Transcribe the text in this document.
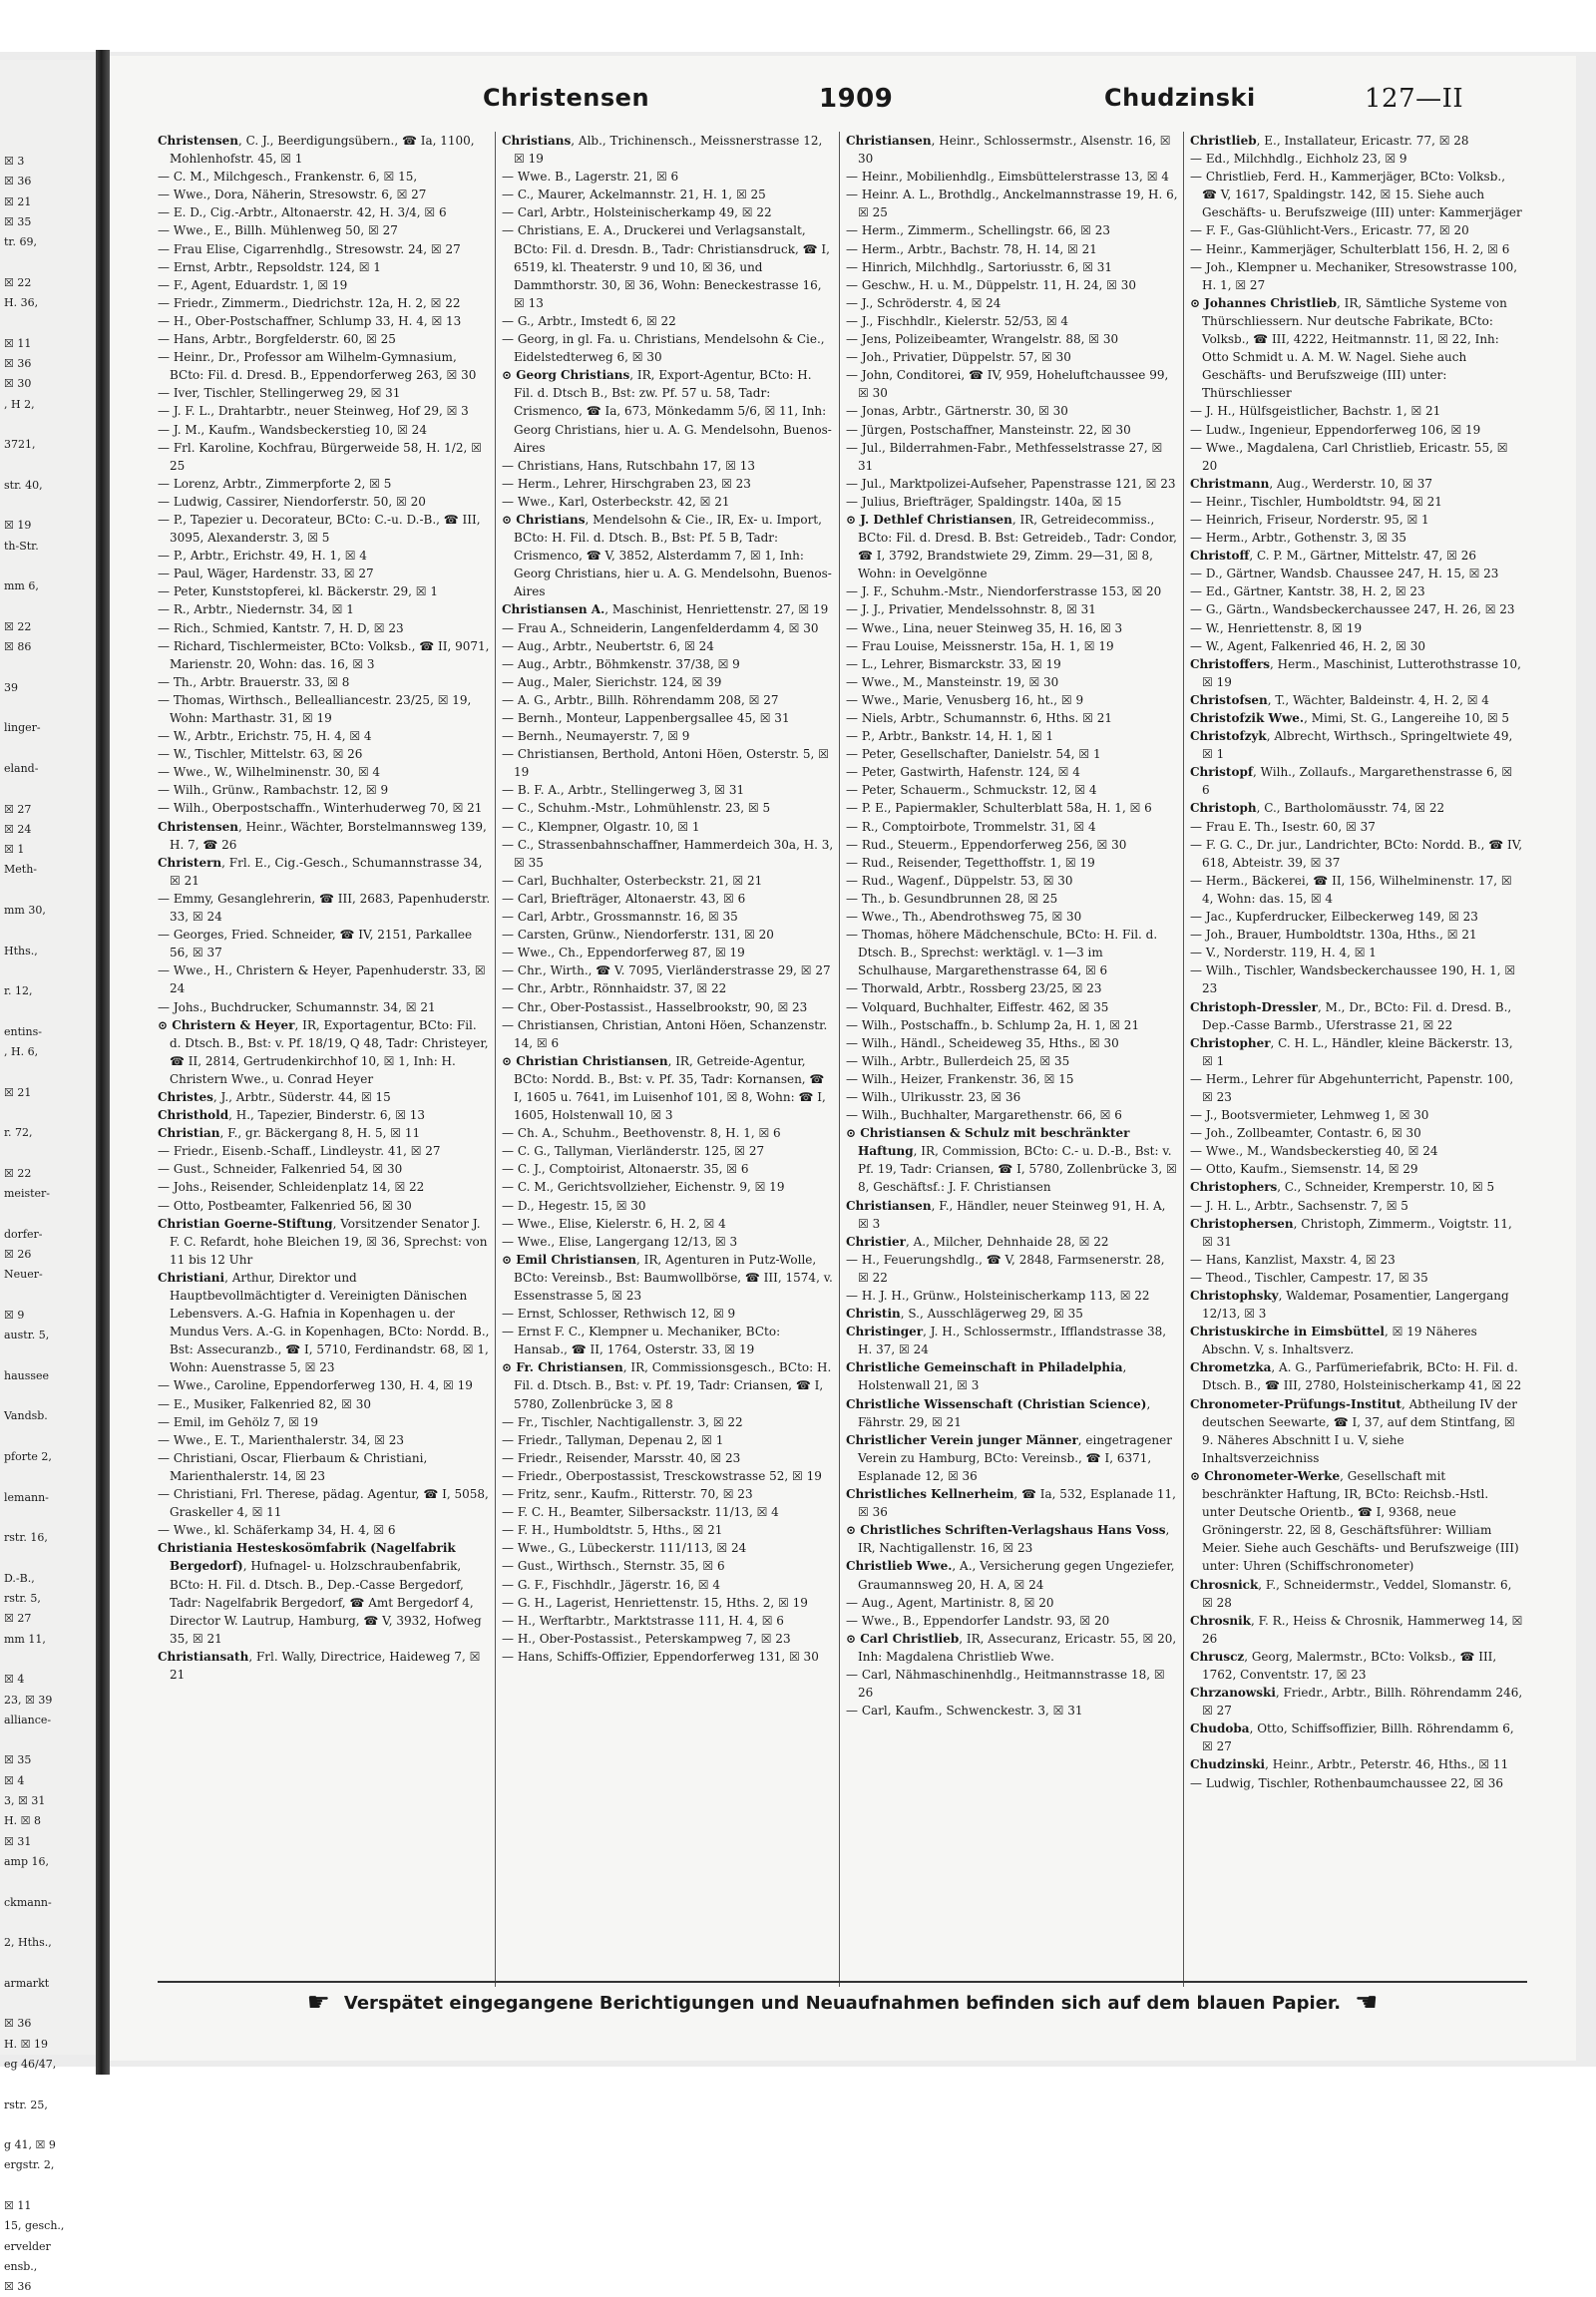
☒ 3
☒ 36
☒ 21
☒ 35
tr. 69,

☒ 22
H. 36,

☒ 11
☒ 36
☒ 30
, H 2,

3721,

str. 40,

☒ 19
th-Str.

mm 6,

☒ 22
☒ 86

39

linger-

eland-

☒ 27
☒ 24
☒ 1
Meth-

mm 30,

Hths.,

r. 12,

entins-
, H. 6,

☒ 21

r. 72,

☒ 22
meister-

dorfer-
☒ 26
Neuer-

☒ 9
austr. 5,

haussee

Vandsb.

pforte 2,

lemann-

rstr. 16,

D.-B.,
rstr. 5,
☒ 27
mm 11,

☒ 4
23, ☒ 39
alliance-

☒ 35
☒ 4
3, ☒ 31
H. ☒ 8
☒ 31
amp 16,

ckmann-

2, Hths.,

armarkt

☒ 36
H. ☒ 19
eg 46/47,

rstr. 25,

g 41, ☒ 9
ergstr. 2,

☒ 11
15, gesch.,
ervelder
ensb.,
☒ 36
Christensen	1909	Chudzinski	127—II
Christensen, C. J., Beerdigungsübern., ☎ Ia, 1100, Mohlenhofstr. 45, ☒ 1
— C. M., Milchgesch., Frankenstr. 6, ☒ 15,
— Wwe., Dora, Näherin, Stresowstr. 6, ☒ 27
— E. D., Cig.-Arbtr., Altonaerstr. 42, H. 3/4, ☒ 6
— Wwe., E., Billh. Mühlenweg 50, ☒ 27
— Frau Elise, Cigarrenhdlg., Stresowstr. 24, ☒ 27
— Ernst, Arbtr., Repsoldstr. 124, ☒ 1
— F., Agent, Eduardstr. 1, ☒ 19
— Friedr., Zimmerm., Diedrichstr. 12a, H. 2, ☒ 22
— H., Ober-Postschaffner, Schlump 33, H. 4, ☒ 13
— Hans, Arbtr., Borgfelderstr. 60, ☒ 25
— Heinr., Dr., Professor am Wilhelm-Gymnasium, BCto: Fil. d. Dresd. B., Eppendorferweg 263, ☒ 30
— Iver, Tischler, Stellingerweg 29, ☒ 31
— J. F. L., Drahtarbtr., neuer Steinweg, Hof 29, ☒ 3
— J. M., Kaufm., Wandsbeckerstieg 10, ☒ 24
— Frl. Karoline, Kochfrau, Bürgerweide 58, H. 1/2, ☒ 25
— Lorenz, Arbtr., Zimmerpforte 2, ☒ 5
— Ludwig, Cassirer, Niendorferstr. 50, ☒ 20
— P., Tapezier u. Decorateur, BCto: C.-u. D.-B., ☎ III, 3095, Alexanderstr. 3, ☒ 5
— P., Arbtr., Erichstr. 49, H. 1, ☒ 4
— Paul, Wäger, Hardenstr. 33, ☒ 27
— Peter, Kunststopferei, kl. Bäckerstr. 29, ☒ 1
— R., Arbtr., Niedernstr. 34, ☒ 1
— Rich., Schmied, Kantstr. 7, H. D, ☒ 23
— Richard, Tischlermeister, BCto: Volksb., ☎ II, 9071, Marienstr. 20, Wohn: das. 16, ☒ 3
— Th., Arbtr. Brauerstr. 33, ☒ 8
— Thomas, Wirthsch., Bellealliancestr. 23/25, ☒ 19, Wohn: Marthastr. 31, ☒ 19
— W., Arbtr., Erichstr. 75, H. 4, ☒ 4
— W., Tischler, Mittelstr. 63, ☒ 26
— Wwe., W., Wilhelminenstr. 30, ☒ 4
— Wilh., Grünw., Rambachstr. 12, ☒ 9
— Wilh., Oberpostschaffn., Winterhuderweg 70, ☒ 21
Christensen, Heinr., Wächter, Borstelmannsweg 139, H. 7, ☎ 26
Christern, Frl. E., Cig.-Gesch., Schumannstrasse 34, ☒ 21
— Emmy, Gesanglehrerin, ☎ III, 2683, Papenhuderstr. 33, ☒ 24
— Georges, Fried. Schneider, ☎ IV, 2151, Parkallee 56, ☒ 37
— Wwe., H., Christern & Heyer, Papenhuderstr. 33, ☒ 24
— Johs., Buchdrucker, Schumannstr. 34, ☒ 21
⊙ Christern & Heyer, IR, Exportagentur, BCto: Fil. d. Dtsch. B., Bst: v. Pf. 18/19, Q 48, Tadr: Christeyer, ☎ II, 2814, Gertrudenkirchhof 10, ☒ 1, Inh: H. Christern Wwe., u. Conrad Heyer
Christes, J., Arbtr., Süderstr. 44, ☒ 15
Christhold, H., Tapezier, Binderstr. 6, ☒ 13
Christian, F., gr. Bäckergang 8, H. 5, ☒ 11
— Friedr., Eisenb.-Schaff., Lindleystr. 41, ☒ 27
— Gust., Schneider, Falkenried 54, ☒ 30
— Johs., Reisender, Schleidenplatz 14, ☒ 22
— Otto, Postbeamter, Falkenried 56, ☒ 30
Christian Goerne-Stiftung, Vorsitzender Senator J. F. C. Refardt, hohe Bleichen 19, ☒ 36, Sprechst: von 11 bis 12 Uhr
Christiani, Arthur, Direktor und Hauptbevollmächtigter d. Vereinigten Dänischen Lebensvers. A.-G. Hafnia in Kopenhagen u. der Mundus Vers. A.-G. in Kopenhagen, BCto: Nordd. B., Bst: Assecuranzb., ☎ I, 5710, Ferdinandstr. 68, ☒ 1, Wohn: Auenstrasse 5, ☒ 23
— Wwe., Caroline, Eppendorferweg 130, H. 4, ☒ 19
— E., Musiker, Falkenried 82, ☒ 30
— Emil, im Gehölz 7, ☒ 19
— Wwe., E. T., Marienthalerstr. 34, ☒ 23
— Christiani, Oscar, Flierbaum & Christiani, Marienthalerstr. 14, ☒ 23
— Christiani, Frl. Therese, pädag. Agentur, ☎ I, 5058, Graskeller 4, ☒ 11
— Wwe., kl. Schäferkamp 34, H. 4, ☒ 6
Christiania Hesteskosömfabrik (Nagelfabrik Bergedorf), Hufnagel- u. Holzschraubenfabrik, BCto: H. Fil. d. Dtsch. B., Dep.-Casse Bergedorf, Tadr: Nagelfabrik Bergedorf, ☎ Amt Bergedorf 4, Director W. Lautrup, Hamburg, ☎ V, 3932, Hofweg 35, ☒ 21
Christiansath, Frl. Wally, Directrice, Haideweg 7, ☒ 21
Christians, Alb., Trichinensch., Meissnerstrasse 12, ☒ 19
— Wwe. B., Lagerstr. 21, ☒ 6
— C., Maurer, Ackelmannstr. 21, H. 1, ☒ 25
— Carl, Arbtr., Holsteinischerkamp 49, ☒ 22
— Christians, E. A., Druckerei und Verlagsanstalt, BCto: Fil. d. Dresdn. B., Tadr: Christiansdruck, ☎ I, 6519, kl. Theaterstr. 9 und 10, ☒ 36, und Dammthorstr. 30, ☒ 36, Wohn: Beneckestrasse 16, ☒ 13
— G., Arbtr., Imstedt 6, ☒ 22
— Georg, in gl. Fa. u. Christians, Mendelsohn & Cie., Eidelstedterweg 6, ☒ 30
⊙ Georg Christians, IR, Export-Agentur, BCto: H. Fil. d. Dtsch B., Bst: zw. Pf. 57 u. 58, Tadr: Crismenco, ☎ Ia, 673, Mönkedamm 5/6, ☒ 11, Inh: Georg Christians, hier u. A. G. Mendelsohn, Buenos-Aires
— Christians, Hans, Rutschbahn 17, ☒ 13
— Herm., Lehrer, Hirschgraben 23, ☒ 23
— Wwe., Karl, Osterbeckstr. 42, ☒ 21
⊙ Christians, Mendelsohn & Cie., IR, Ex- u. Import, BCto: H. Fil. d. Dtsch. B., Bst: Pf. 5 B, Tadr: Crismenco, ☎ V, 3852, Alsterdamm 7, ☒ 1, Inh: Georg Christians, hier u. A. G. Mendelsohn, Buenos-Aires
Christiansen A., Maschinist, Henriettenstr. 27, ☒ 19
— Frau A., Schneiderin, Langenfelderdamm 4, ☒ 30
— Aug., Arbtr., Neubertstr. 6, ☒ 24
— Aug., Arbtr., Böhmkenstr. 37/38, ☒ 9
— Aug., Maler, Sierichstr. 124, ☒ 39
— A. G., Arbtr., Billh. Röhrendamm 208, ☒ 27
— Bernh., Monteur, Lappenbergsallee 45, ☒ 31
— Bernh., Neumayerstr. 7, ☒ 9
— Christiansen, Berthold, Antoni Höen, Osterstr. 5, ☒ 19
— B. F. A., Arbtr., Stellingerweg 3, ☒ 31
— C., Schuhm.-Mstr., Lohmühlenstr. 23, ☒ 5
— C., Klempner, Olgastr. 10, ☒ 1
— C., Strassenbahnschaffner, Hammerdeich 30a, H. 3, ☒ 35
— Carl, Buchhalter, Osterbeckstr. 21, ☒ 21
— Carl, Briefträger, Altonaerstr. 43, ☒ 6
— Carl, Arbtr., Grossmannstr. 16, ☒ 35
— Carsten, Grünw., Niendorferstr. 131, ☒ 20
— Wwe., Ch., Eppendorferweg 87, ☒ 19
— Chr., Wirth., ☎ V. 7095, Vierländerstrasse 29, ☒ 27
— Chr., Arbtr., Rönnhaidstr. 37, ☒ 22
— Chr., Ober-Postassist., Hasselbrookstr, 90, ☒ 23
— Christiansen, Christian, Antoni Höen, Schanzenstr. 14, ☒ 6
⊙ Christian Christiansen, IR, Getreide-Agentur, BCto: Nordd. B., Bst: v. Pf. 35, Tadr: Kornansen, ☎ I, 1605 u. 7641, im Luisenhof 101, ☒ 8, Wohn: ☎ I, 1605, Holstenwall 10, ☒ 3
— Ch. A., Schuhm., Beethovenstr. 8, H. 1, ☒ 6
— C. G., Tallyman, Vierländerstr. 125, ☒ 27
— C. J., Comptoirist, Altonaerstr. 35, ☒ 6
— C. M., Gerichtsvollzieher, Eichenstr. 9, ☒ 19
— D., Hegestr. 15, ☒ 30
— Wwe., Elise, Kielerstr. 6, H. 2, ☒ 4
— Wwe., Elise, Langergang 12/13, ☒ 3
⊙ Emil Christiansen, IR, Agenturen in Putz-Wolle, BCto: Vereinsb., Bst: Baumwollbörse, ☎ III, 1574, v. Essenstrasse 5, ☒ 23
— Ernst, Schlosser, Rethwisch 12, ☒ 9
— Ernst F. C., Klempner u. Mechaniker, BCto: Hansab., ☎ II, 1764, Osterstr. 33, ☒ 19
⊙ Fr. Christiansen, IR, Commissionsgesch., BCto: H. Fil. d. Dtsch. B., Bst: v. Pf. 19, Tadr: Criansen, ☎ I, 5780, Zollenbrücke 3, ☒ 8
— Fr., Tischler, Nachtigallenstr. 3, ☒ 22
— Friedr., Tallyman, Depenau 2, ☒ 1
— Friedr., Reisender, Marsstr. 40, ☒ 23
— Friedr., Oberpostassist, Tresckowstrasse 52, ☒ 19
— Fritz, senr., Kaufm., Ritterstr. 70, ☒ 23
— F. C. H., Beamter, Silbersackstr. 11/13, ☒ 4
— F. H., Humboldtstr. 5, Hths., ☒ 21
— Wwe., G., Lübeckerstr. 111/113, ☒ 24
— Gust., Wirthsch., Sternstr. 35, ☒ 6
— G. F., Fischhdlr., Jägerstr. 16, ☒ 4
— G. H., Lagerist, Henriettenstr. 15, Hths. 2, ☒ 19
— H., Werftarbtr., Marktstrasse 111, H. 4, ☒ 6
— H., Ober-Postassist., Peterskampweg 7, ☒ 23
— Hans, Schiffs-Offizier, Eppendorferweg 131, ☒ 30
Christiansen, Heinr., Schlossermstr., Alsenstr. 16, ☒ 30
— Heinr., Mobilienhdlg., Eimsbüttelerstrasse 13, ☒ 4
— Heinr. A. L., Brothdlg., Anckelmannstrasse 19, H. 6, ☒ 25
— Herm., Zimmerm., Schellingstr. 66, ☒ 23
— Herm., Arbtr., Bachstr. 78, H. 14, ☒ 21
— Hinrich, Milchhdlg., Sartoriusstr. 6, ☒ 31
— Geschw., H. u. M., Düppelstr. 11, H. 24, ☒ 30
— J., Schröderstr. 4, ☒ 24
— J., Fischhdlr., Kielerstr. 52/53, ☒ 4
— Jens, Polizeibeamter, Wrangelstr. 88, ☒ 30
— Joh., Privatier, Düppelstr. 57, ☒ 30
— John, Conditorei, ☎ IV, 959, Hoheluftchaussee 99, ☒ 30
— Jonas, Arbtr., Gärtnerstr. 30, ☒ 30
— Jürgen, Postschaffner, Mansteinstr. 22, ☒ 30
— Jul., Bilderrahmen-Fabr., Methfesselstrasse 27, ☒ 31
— Jul., Marktpolizei-Aufseher, Papenstrasse 121, ☒ 23
— Julius, Briefträger, Spaldingstr. 140a, ☒ 15
⊙ J. Dethlef Christiansen, IR, Getreidecommiss., BCto: Fil. d. Dresd. B. Bst: Getreideb., Tadr: Condor, ☎ I, 3792, Brandstwiete 29, Zimm. 29—31, ☒ 8, Wohn: in Oevelgönne
— J. F., Schuhm.-Mstr., Niendorferstrasse 153, ☒ 20
— J. J., Privatier, Mendelssohnstr. 8, ☒ 31
— Wwe., Lina, neuer Steinweg 35, H. 16, ☒ 3
— Frau Louise, Meissnerstr. 15a, H. 1, ☒ 19
— L., Lehrer, Bismarckstr. 33, ☒ 19
— Wwe., M., Mansteinstr. 19, ☒ 30
— Wwe., Marie, Venusberg 16, ht., ☒ 9
— Niels, Arbtr., Schumannstr. 6, Hths. ☒ 21
— P., Arbtr., Bankstr. 14, H. 1, ☒ 1
— Peter, Gesellschafter, Danielstr. 54, ☒ 1
— Peter, Gastwirth, Hafenstr. 124, ☒ 4
— Peter, Schauerm., Schmuckstr. 12, ☒ 4
— P. E., Papiermakler, Schulterblatt 58a, H. 1, ☒ 6
— R., Comptoirbote, Trommelstr. 31, ☒ 4
— Rud., Steuerm., Eppendorferweg 256, ☒ 30
— Rud., Reisender, Tegetthoffstr. 1, ☒ 19
— Rud., Wagenf., Düppelstr. 53, ☒ 30
— Th., b. Gesundbrunnen 28, ☒ 25
— Wwe., Th., Abendrothsweg 75, ☒ 30
— Thomas, höhere Mädchenschule, BCto: H. Fil. d. Dtsch. B., Sprechst: werktägl. v. 1—3 im Schulhause, Margarethenstrasse 64, ☒ 6
— Thorwald, Arbtr., Rossberg 23/25, ☒ 23
— Volquard, Buchhalter, Eiffestr. 462, ☒ 35
— Wilh., Postschaffn., b. Schlump 2a, H. 1, ☒ 21
— Wilh., Händl., Scheideweg 35, Hths., ☒ 30
— Wilh., Arbtr., Bullerdeich 25, ☒ 35
— Wilh., Heizer, Frankenstr. 36, ☒ 15
— Wilh., Ulrikusstr. 23, ☒ 36
— Wilh., Buchhalter, Margarethenstr. 66, ☒ 6
⊙ Christiansen & Schulz mit beschränkter Haftung, IR, Commission, BCto: C.- u. D.-B., Bst: v. Pf. 19, Tadr: Criansen, ☎ I, 5780, Zollenbrücke 3, ☒ 8, Geschäftsf.: J. F. Christiansen
Christiansen, F., Händler, neuer Steinweg 91, H. A, ☒ 3
Christier, A., Milcher, Dehnhaide 28, ☒ 22
— H., Feuerungshdlg., ☎ V, 2848, Farmsenerstr. 28, ☒ 22
— H. J. H., Grünw., Holsteinischerkamp 113, ☒ 22
Christin, S., Ausschlägerweg 29, ☒ 35
Christinger, J. H., Schlossermstr., Ifflandstrasse 38, H. 37, ☒ 24
Christliche Gemeinschaft in Philadelphia, Holstenwall 21, ☒ 3
Christliche Wissenschaft (Christian Science), Fährstr. 29, ☒ 21
Christlicher Verein junger Männer, eingetragener Verein zu Hamburg, BCto: Vereinsb., ☎ I, 6371, Esplanade 12, ☒ 36
Christliches Kellnerheim, ☎ Ia, 532, Esplanade 11, ☒ 36
⊙ Christliches Schriften-Verlagshaus Hans Voss, IR, Nachtigallenstr. 16, ☒ 23
Christlieb Wwe., A., Versicherung gegen Ungeziefer, Graumannsweg 20, H. A, ☒ 24
— Aug., Agent, Martinistr. 8, ☒ 20
— Wwe., B., Eppendorfer Landstr. 93, ☒ 20
⊙ Carl Christlieb, IR, Assecuranz, Ericastr. 55, ☒ 20, Inh: Magdalena Christlieb Wwe.
— Carl, Nähmaschinenhdlg., Heitmannstrasse 18, ☒ 26
— Carl, Kaufm., Schwenckestr. 3, ☒ 31
Christlieb, E., Installateur, Ericastr. 77, ☒ 28
— Ed., Milchhdlg., Eichholz 23, ☒ 9
— Christlieb, Ferd. H., Kammerjäger, BCto: Volksb., ☎ V, 1617, Spaldingstr. 142, ☒ 15. Siehe auch Geschäfts- u. Berufszweige (III) unter: Kammerjäger
— F. F., Gas-Glühlicht-Vers., Ericastr. 77, ☒ 20
— Heinr., Kammerjäger, Schulterblatt 156, H. 2, ☒ 6
— Joh., Klempner u. Mechaniker, Stresowstrasse 100, H. 1, ☒ 27
⊙ Johannes Christlieb, IR, Sämtliche Systeme von Thürschliessern. Nur deutsche Fabrikate, BCto: Volksb., ☎ III, 4222, Heitmannstr. 11, ☒ 22, Inh: Otto Schmidt u. A. M. W. Nagel. Siehe auch Geschäfts- und Berufszweige (III) unter: Thürschliesser
— J. H., Hülfsgeistlicher, Bachstr. 1, ☒ 21
— Ludw., Ingenieur, Eppendorferweg 106, ☒ 19
— Wwe., Magdalena, Carl Christlieb, Ericastr. 55, ☒ 20
Christmann, Aug., Werderstr. 10, ☒ 37
— Heinr., Tischler, Humboldtstr. 94, ☒ 21
— Heinrich, Friseur, Norderstr. 95, ☒ 1
— Herm., Arbtr., Gothenstr. 3, ☒ 35
Christoff, C. P. M., Gärtner, Mittelstr. 47, ☒ 26
— D., Gärtner, Wandsb. Chaussee 247, H. 15, ☒ 23
— Ed., Gärtner, Kantstr. 38, H. 2, ☒ 23
— G., Gärtn., Wandsbeckerchaussee 247, H. 26, ☒ 23
— W., Henriettenstr. 8, ☒ 19
— W., Agent, Falkenried 46, H. 2, ☒ 30
Christoffers, Herm., Maschinist, Lutterothstrasse 10, ☒ 19
Christofsen, T., Wächter, Baldeinstr. 4, H. 2, ☒ 4
Christofzik Wwe., Mimi, St. G., Langereihe 10, ☒ 5
Christofzyk, Albrecht, Wirthsch., Springeltwiete 49, ☒ 1
Christopf, Wilh., Zollaufs., Margarethenstrasse 6, ☒ 6
Christoph, C., Bartholomäusstr. 74, ☒ 22
— Frau E. Th., Isestr. 60, ☒ 37
— F. G. C., Dr. jur., Landrichter, BCto: Nordd. B., ☎ IV, 618, Abteistr. 39, ☒ 37
— Herm., Bäckerei, ☎ II, 156, Wilhelminenstr. 17, ☒ 4, Wohn: das. 15, ☒ 4
— Jac., Kupferdrucker, Eilbeckerweg 149, ☒ 23
— Joh., Brauer, Humboldtstr. 130a, Hths., ☒ 21
— V., Norderstr. 119, H. 4, ☒ 1
— Wilh., Tischler, Wandsbeckerchaussee 190, H. 1, ☒ 23
Christoph-Dressler, M., Dr., BCto: Fil. d. Dresd. B., Dep.-Casse Barmb., Uferstrasse 21, ☒ 22
Christopher, C. H. L., Händler, kleine Bäckerstr. 13, ☒ 1
— Herm., Lehrer für Abgehunterricht, Papenstr. 100, ☒ 23
— J., Bootsvermieter, Lehmweg 1, ☒ 30
— Joh., Zollbeamter, Contastr. 6, ☒ 30
— Wwe., M., Wandsbeckerstieg 40, ☒ 24
— Otto, Kaufm., Siemsenstr. 14, ☒ 29
Christophers, C., Schneider, Kremperstr. 10, ☒ 5
— J. H. L., Arbtr., Sachsenstr. 7, ☒ 5
Christophersen, Christoph, Zimmerm., Voigtstr. 11, ☒ 31
— Hans, Kanzlist, Maxstr. 4, ☒ 23
— Theod., Tischler, Campestr. 17, ☒ 35
Christophsky, Waldemar, Posamentier, Langergang 12/13, ☒ 3
Christuskirche in Eimsbüttel, ☒ 19 Näheres Abschn. V, s. Inhaltsverz.
Chrometzka, A. G., Parfümeriefabrik, BCto: H. Fil. d. Dtsch. B., ☎ III, 2780, Holsteinischerkamp 41, ☒ 22
Chronometer-Prüfungs-Institut, Abtheilung IV der deutschen Seewarte, ☎ I, 37, auf dem Stintfang, ☒ 9. Näheres Abschnitt I u. V, siehe Inhaltsverzeichniss
⊙ Chronometer-Werke, Gesellschaft mit beschränkter Haftung, IR, BCto: Reichsb.-Hstl. unter Deutsche Orientb., ☎ I, 9368, neue Gröningerstr. 22, ☒ 8, Geschäftsführer: William Meier. Siehe auch Geschäfts- und Berufszweige (III) unter: Uhren (Schiffschronometer)
Chrosnick, F., Schneidermstr., Veddel, Slomanstr. 6, ☒ 28
Chrosnik, F. R., Heiss & Chrosnik, Hammerweg 14, ☒ 26
Chruscz, Georg, Malermstr., BCto: Volksb., ☎ III, 1762, Conventstr. 17, ☒ 23
Chrzanowski, Friedr., Arbtr., Billh. Röhrendamm 246, ☒ 27
Chudoba, Otto, Schiffsoffizier, Billh. Röhrendamm 6, ☒ 27
Chudzinski, Heinr., Arbtr., Peterstr. 46, Hths., ☒ 11
— Ludwig, Tischler, Rothenbaumchaussee 22, ☒ 36
☛ Verspätet eingegangene Berichtigungen und Neuaufnahmen befinden sich auf dem blauen Papier. ☛
